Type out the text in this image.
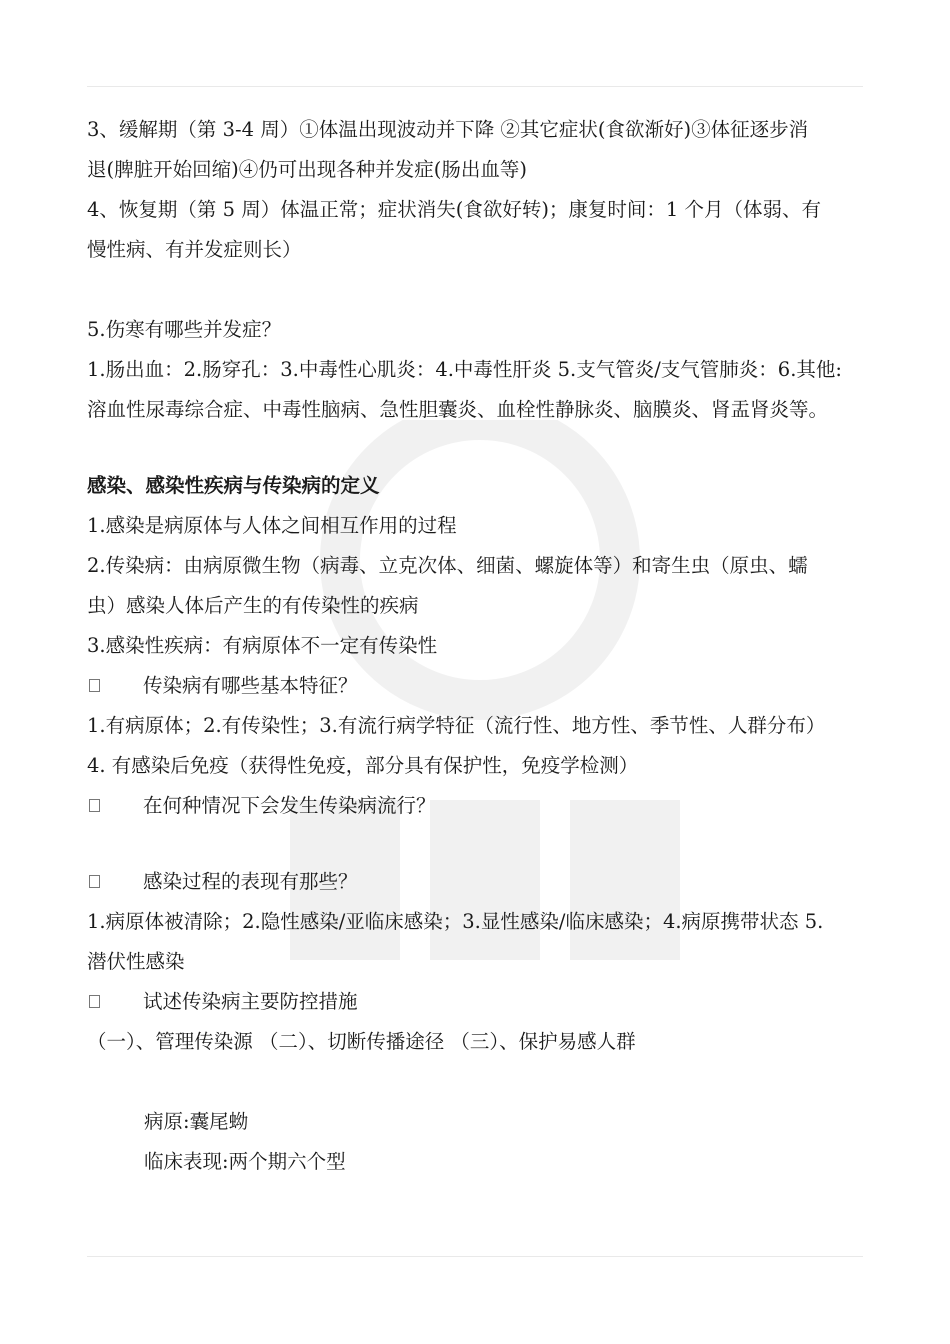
3、缓解期（第 3-4 周）①体温出现波动并下降 ②其它症状(食欲渐好)③体征逐步消

退(脾脏开始回缩)④仍可出现各种并发症(肠出血等)

4、恢复期（第 5 周）体温正常；症状消失(食欲好转)；康复时间：1 个月（体弱、有

慢性病、有并发症则长）

5.伤寒有哪些并发症？

1.肠出血：2.肠穿孔：3.中毒性心肌炎：4.中毒性肝炎 5.支气管炎/支气管肺炎：6.其他:

溶血性尿毒综合症、中毒性脑病、急性胆囊炎、血栓性静脉炎、脑膜炎、肾盂肾炎等。

感染、感染性疾病与传染病的定义

1.感染是病原体与人体之间相互作用的过程

2.传染病：由病原微生物（病毒、立克次体、细菌、螺旋体等）和寄生虫（原虫、蠕

虫）感染人体后产生的有传染性的疾病

3.感染性疾病：有病原体不一定有传染性

传染病有哪些基本特征？

1.有病原体；2.有传染性；3.有流行病学特征（流行性、地方性、季节性、人群分布）

4. 有感染后免疫（获得性免疫，部分具有保护性，免疫学检测）

在何种情况下会发生传染病流行？
感染过程的表现有那些？

1.病原体被清除；2.隐性感染/亚临床感染；3.显性感染/临床感染；4.病原携带状态 5.

潜伏性感染

试述传染病主要防控措施

（一）、管理传染源 （二）、切断传播途径 （三）、保护易感人群

病原:囊尾蚴

临床表现:两个期六个型
